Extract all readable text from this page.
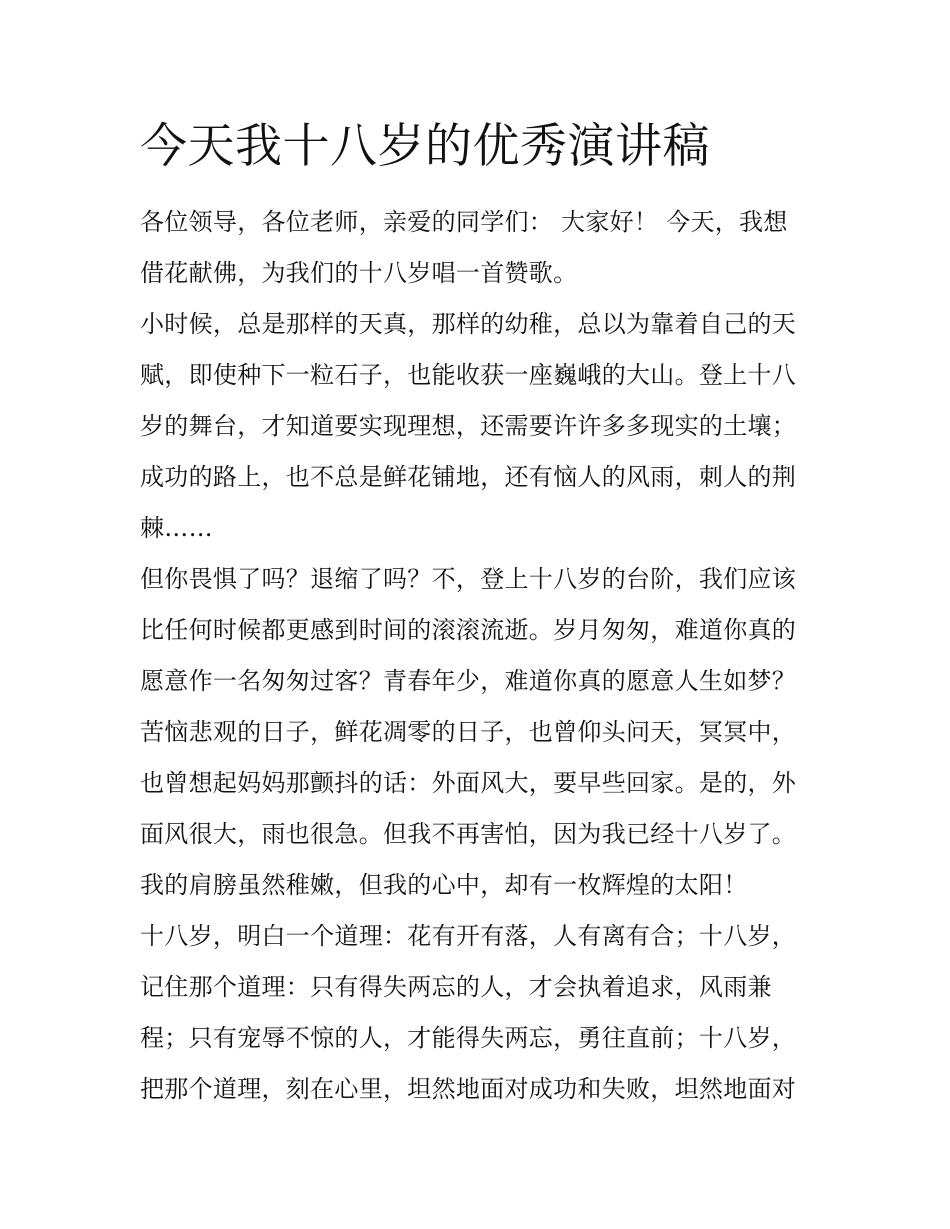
今天我十八岁的优秀演讲稿
各位领导，各位老师，亲爱的同学们： 大家好！ 今天，我想
借花献佛，为我们的十八岁唱一首赞歌。
小时候，总是那样的天真，那样的幼稚，总以为靠着自己的天
赋，即使种下一粒石子，也能收获一座巍峨的大山。登上十八
岁的舞台，才知道要实现理想，还需要许许多多现实的土壤；
成功的路上，也不总是鲜花铺地，还有恼人的风雨，刺人的荆
棘……
但你畏惧了吗？退缩了吗？不，登上十八岁的台阶，我们应该
比任何时候都更感到时间的滚滚流逝。岁月匆匆，难道你真的
愿意作一名匆匆过客？青春年少，难道你真的愿意人生如梦？
苦恼悲观的日子，鲜花凋零的日子，也曾仰头问天，冥冥中，
也曾想起妈妈那颤抖的话：外面风大，要早些回家。是的，外
面风很大，雨也很急。但我不再害怕，因为我已经十八岁了。
我的肩膀虽然稚嫩，但我的心中，却有一枚辉煌的太阳！
十八岁，明白一个道理：花有开有落，人有离有合；十八岁，
记住那个道理：只有得失两忘的人，才会执着追求，风雨兼
程；只有宠辱不惊的人，才能得失两忘，勇往直前；十八岁，
把那个道理，刻在心里，坦然地面对成功和失败，坦然地面对
